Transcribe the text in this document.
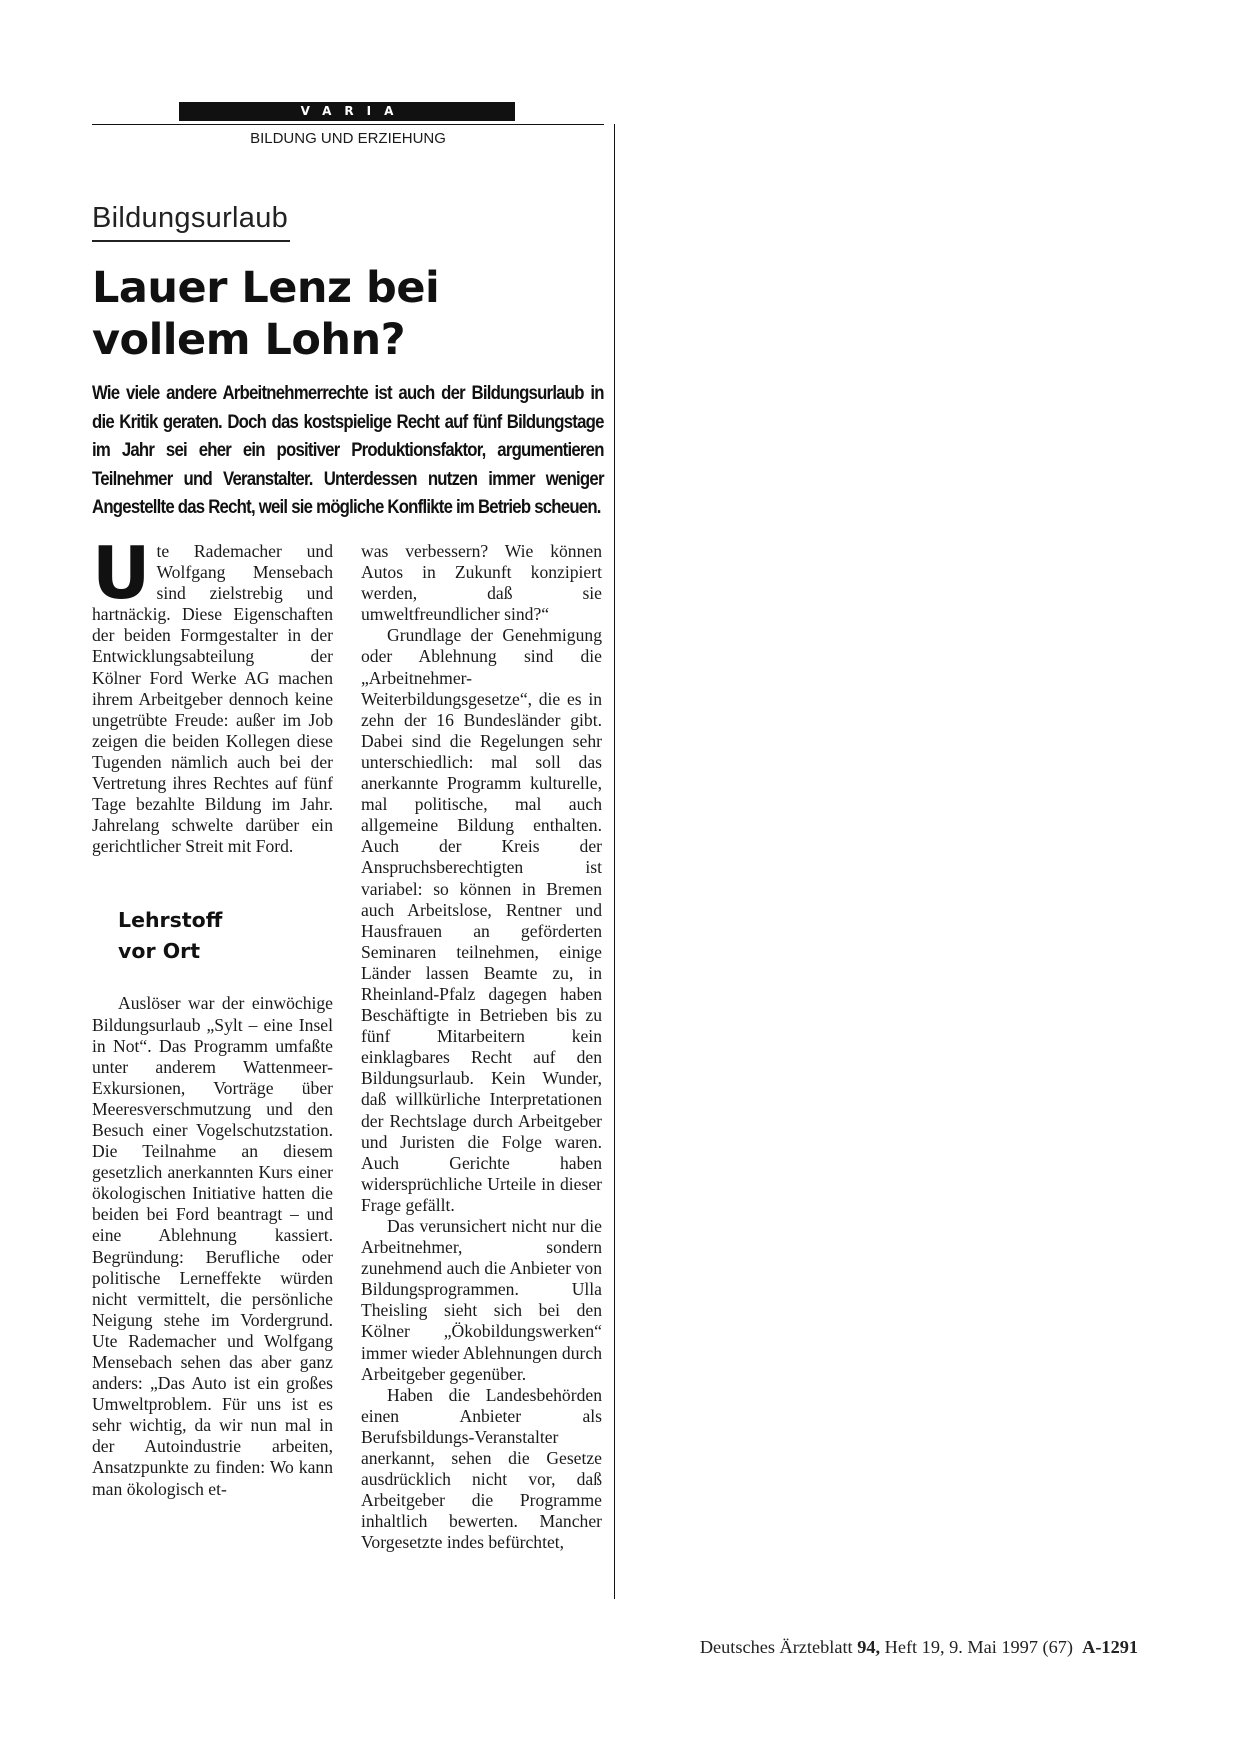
VARIA
BILDUNG UND ERZIEHUNG
Bildungsurlaub
Lauer Lenz bei
vollem Lohn?
Wie viele andere Arbeitnehmerrechte ist auch der Bildungsurlaub in die Kritik geraten. Doch das kostspielige Recht auf fünf Bildungstage im Jahr sei eher ein positiver Produktionsfaktor, argumentieren Teilnehmer und Veranstalter. Unterdessen nutzen immer weniger Angestellte das Recht, weil sie mögliche Konflikte im Betrieb scheuen.

Ute Rademacher und Wolfgang Mensebach sind zielstrebig und hartnäckig. Diese Eigenschaften der beiden Formgestalter in der Entwicklungsabteilung der Kölner Ford Werke AG machen ihrem Arbeitgeber dennoch keine ungetrübte Freude: außer im Job zeigen die beiden Kollegen diese Tugenden nämlich auch bei der Vertretung ihres Rechtes auf fünf Tage bezahlte Bildung im Jahr. Jahrelang schwelte darüber ein gerichtlicher Streit mit Ford.

Lehrstoff
vor Ort

Auslöser war der einwöchige Bildungsurlaub „Sylt – eine Insel in Not“. Das Programm umfaßte unter anderem Wattenmeer-Exkursionen, Vorträge über Meeresverschmutzung und den Besuch einer Vogelschutzstation. Die Teilnahme an diesem gesetzlich anerkannten Kurs einer ökologischen Initiative hatten die beiden bei Ford beantragt – und eine Ablehnung kassiert. Begründung: Berufliche oder politische Lerneffekte würden nicht vermittelt, die persönliche Neigung stehe im Vordergrund. Ute Rademacher und Wolfgang Mensebach sehen das aber ganz anders: „Das Auto ist ein großes Umweltproblem. Für uns ist es sehr wichtig, da wir nun mal in der Autoindustrie arbeiten, Ansatzpunkte zu finden: Wo kann man ökologisch et-

was verbessern? Wie können Autos in Zukunft konzipiert werden, daß sie umweltfreundlicher sind?“

Grundlage der Genehmigung oder Ablehnung sind die „Arbeitnehmer-Weiterbildungsgesetze“, die es in zehn der 16 Bundesländer gibt. Dabei sind die Regelungen sehr unterschiedlich: mal soll das anerkannte Programm kulturelle, mal politische, mal auch allgemeine Bildung enthalten. Auch der Kreis der Anspruchsberechtigten ist variabel: so können in Bremen auch Arbeitslose, Rentner und Hausfrauen an geförderten Seminaren teilnehmen, einige Länder lassen Beamte zu, in Rheinland-Pfalz dagegen haben Beschäftigte in Betrieben bis zu fünf Mitarbeitern kein einklagbares Recht auf den Bildungsurlaub. Kein Wunder, daß willkürliche Interpretationen der Rechtslage durch Arbeitgeber und Juristen die Folge waren. Auch Gerichte haben widersprüchliche Urteile in dieser Frage gefällt.

Das verunsichert nicht nur die Arbeitnehmer, sondern zunehmend auch die Anbieter von Bildungsprogrammen. Ulla Theisling sieht sich bei den Kölner „Ökobildungswerken“ immer wieder Ablehnungen durch Arbeitgeber gegenüber.

Haben die Landesbehörden einen Anbieter als Berufsbildungs-Veranstalter anerkannt, sehen die Gesetze ausdrücklich nicht vor, daß Arbeitgeber die Programme inhaltlich bewerten. Mancher Vorgesetzte indes befürchtet,

Deutsches Ärzteblatt 94, Heft 19, 9. Mai 1997 (67) A-1291
